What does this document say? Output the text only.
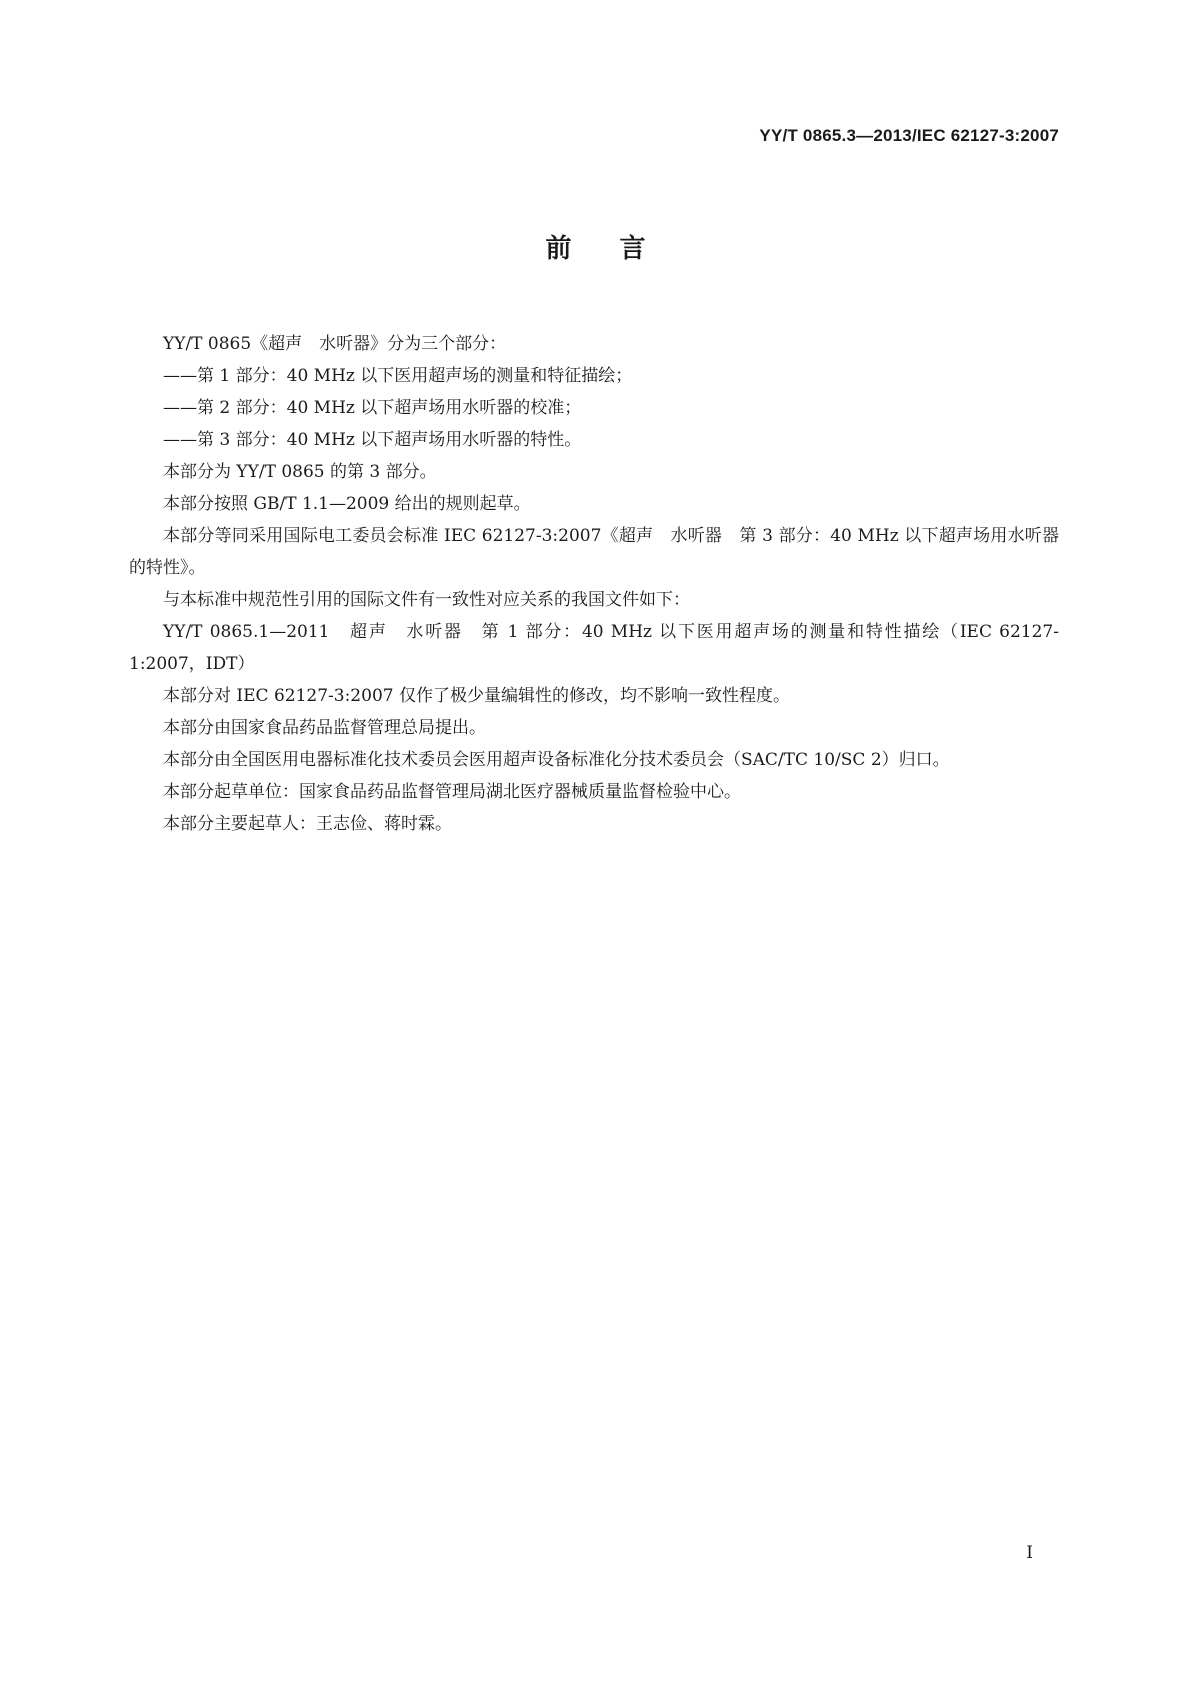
YY/T 0865.3—2013/IEC 62127-3:2007
前言

YY/T 0865《超声　水听器》分为三个部分：

——第 1 部分：40 MHz 以下医用超声场的测量和特征描绘；

——第 2 部分：40 MHz 以下超声场用水听器的校准；

——第 3 部分：40 MHz 以下超声场用水听器的特性。

本部分为 YY/T 0865 的第 3 部分。

本部分按照 GB/T 1.1—2009 给出的规则起草。

本部分等同采用国际电工委员会标准 IEC 62127-3:2007《超声　水听器　第 3 部分：40 MHz 以下超声场用水听器的特性》。

与本标准中规范性引用的国际文件有一致性对应关系的我国文件如下：

YY/T 0865.1—2011　超声　水听器　第 1 部分：40 MHz 以下医用超声场的测量和特性描绘（IEC 62127-1:2007，IDT）

本部分对 IEC 62127-3:2007 仅作了极少量编辑性的修改，均不影响一致性程度。

本部分由国家食品药品监督管理总局提出。

本部分由全国医用电器标准化技术委员会医用超声设备标准化分技术委员会（SAC/TC 10/SC 2）归口。

本部分起草单位：国家食品药品监督管理局湖北医疗器械质量监督检验中心。

本部分主要起草人：王志俭、蒋时霖。

I
